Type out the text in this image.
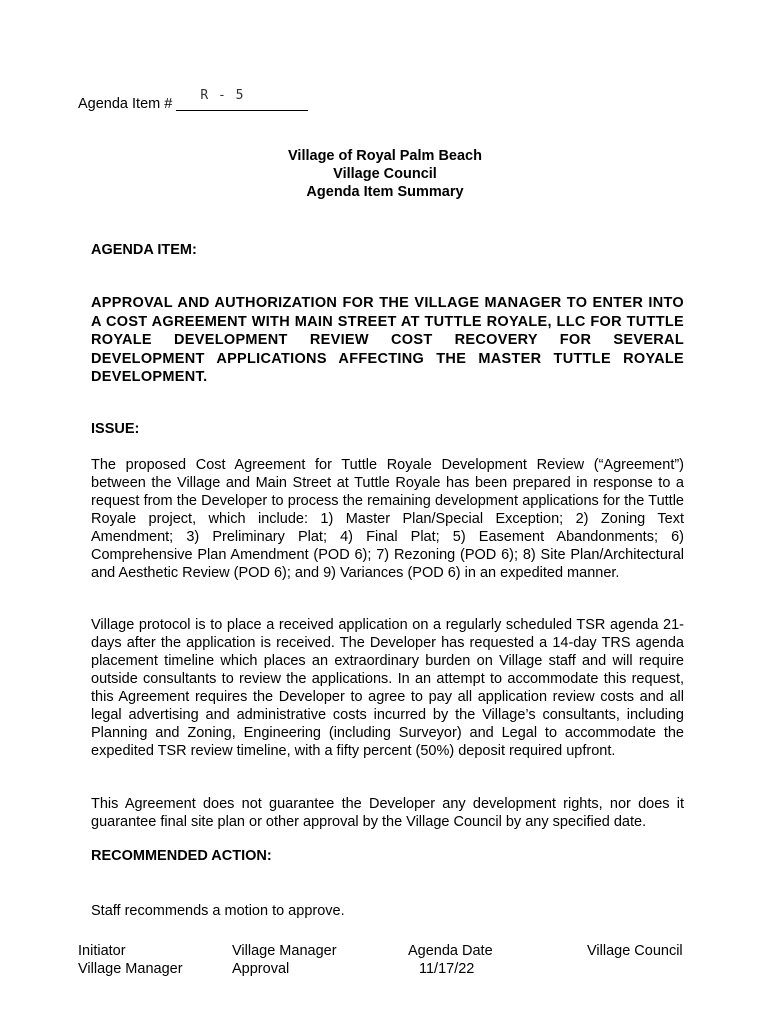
Agenda Item #
R - 5
Village of Royal Palm Beach
Village Council
Agenda Item Summary
AGENDA ITEM:
APPROVAL AND AUTHORIZATION FOR THE VILLAGE MANAGER TO ENTER INTO A COST AGREEMENT WITH MAIN STREET AT TUTTLE ROYALE, LLC FOR TUTTLE ROYALE DEVELOPMENT REVIEW COST RECOVERY FOR SEVERAL DEVELOPMENT APPLICATIONS AFFECTING THE MASTER TUTTLE ROYALE DEVELOPMENT.
ISSUE:
The proposed Cost Agreement for Tuttle Royale Development Review (“Agreement”) between the Village and Main Street at Tuttle Royale has been prepared in response to a request from the Developer to process the remaining development applications for the Tuttle Royale project, which include: 1) Master Plan/Special Exception; 2) Zoning Text Amendment; 3) Preliminary Plat; 4) Final Plat; 5) Easement Abandonments; 6) Comprehensive Plan Amendment (POD 6); 7) Rezoning (POD 6); 8) Site Plan/Architectural and Aesthetic Review (POD 6); and 9) Variances (POD 6) in an expedited manner.
Village protocol is to place a received application on a regularly scheduled TSR agenda 21-days after the application is received. The Developer has requested a 14-day TRS agenda placement timeline which places an extraordinary burden on Village staff and will require outside consultants to review the applications. In an attempt to accommodate this request, this Agreement requires the Developer to agree to pay all application review costs and all legal advertising and administrative costs incurred by the Village’s consultants, including Planning and Zoning, Engineering (including Surveyor) and Legal to accommodate the expedited TSR review timeline, with a fifty percent (50%) deposit required upfront.
This Agreement does not guarantee the Developer any development rights, nor does it guarantee final site plan or other approval by the Village Council by any specified date.
RECOMMENDED ACTION:
Staff recommends a motion to approve.
Initiator
Village Manager
Village Manager
Approval
Agenda Date
11/17/22
Village Council
